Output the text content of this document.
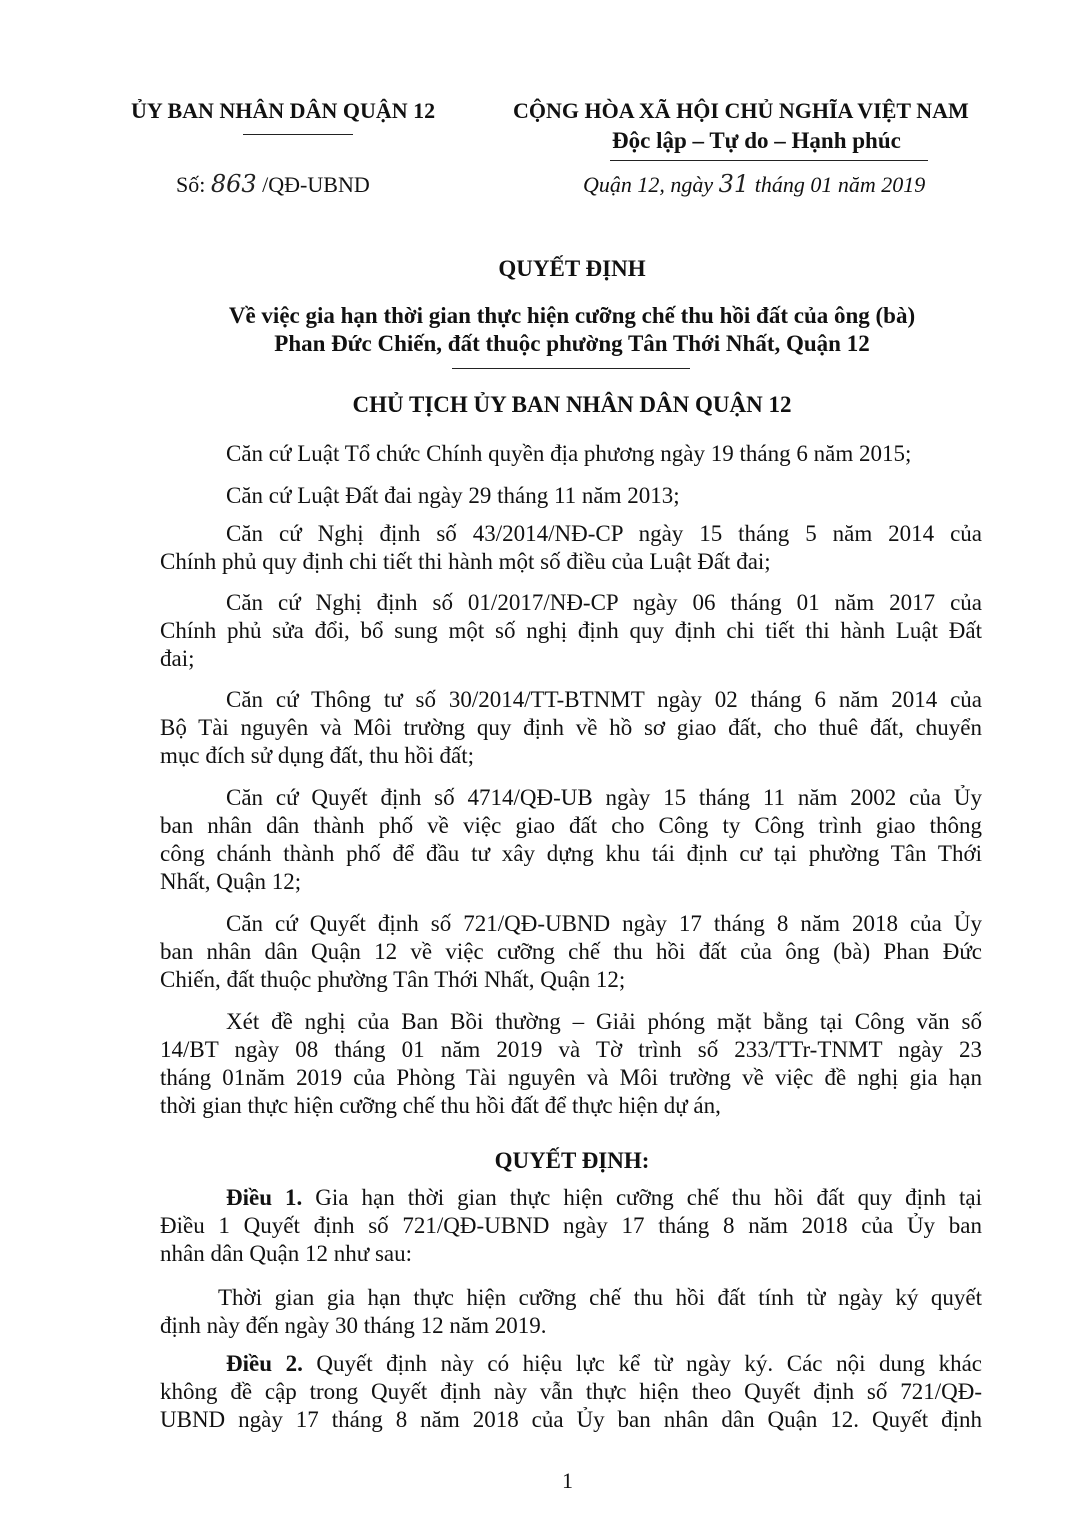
ỦY BAN NHÂN DÂN QUẬN 12	CỘNG HÒA XÃ HỘI CHỦ NGHĨA VIỆT NAM
Độc lập – Tự do – Hạnh phúc
Số: 863 /QĐ-UBND	Quận 12, ngày 31 tháng 01 năm 2019
QUYẾT ĐỊNH
Về việc gia hạn thời gian thực hiện cưỡng chế thu hồi đất của ông (bà)
Phan Đức Chiến, đất thuộc phường Tân Thới Nhất, Quận 12
CHỦ TỊCH ỦY BAN NHÂN DÂN QUẬN 12
Căn cứ Luật Tổ chức Chính quyền địa phương ngày 19 tháng 6 năm 2015;
Căn cứ Luật Đất đai ngày 29 tháng 11 năm 2013;
Căn cứ Nghị định số 43/2014/NĐ-CP ngày 15 tháng 5 năm 2014 của
Chính phủ quy định chi tiết thi hành một số điều của Luật Đất đai;
Căn cứ Nghị định số 01/2017/NĐ-CP ngày 06 tháng 01 năm 2017 của
Chính phủ sửa đổi, bổ sung một số nghị định quy định chi tiết thi hành Luật Đất
đai;
Căn cứ Thông tư số 30/2014/TT-BTNMT ngày 02 tháng 6 năm 2014 của
Bộ Tài nguyên và Môi trường quy định về hồ sơ giao đất, cho thuê đất, chuyển
mục đích sử dụng đất, thu hồi đất;
Căn cứ Quyết định số 4714/QĐ-UB ngày 15 tháng 11 năm 2002 của Ủy
ban nhân dân thành phố về việc giao đất cho Công ty Công trình giao thông
công chánh thành phố để đầu tư xây dựng khu tái định cư tại phường Tân Thới
Nhất, Quận 12;
Căn cứ Quyết định số 721/QĐ-UBND ngày 17 tháng 8 năm 2018 của Ủy
ban nhân dân Quận 12 về việc cưỡng chế thu hồi đất của ông (bà) Phan Đức
Chiến, đất thuộc phường Tân Thới Nhất, Quận 12;
Xét đề nghị của Ban Bồi thường – Giải phóng mặt bằng tại Công văn số
14/BT ngày 08 tháng 01 năm 2019 và Tờ trình số 233/TTr-TNMT ngày 23
tháng 01năm 2019 của Phòng Tài nguyên và Môi trường về việc đề nghị gia hạn
thời gian thực hiện cưỡng chế thu hồi đất để thực hiện dự án,
QUYẾT ĐỊNH:
Điều 1. Gia hạn thời gian thực hiện cưỡng chế thu hồi đất quy định tại
Điều 1 Quyết định số 721/QĐ-UBND ngày 17 tháng 8 năm 2018 của Ủy ban
nhân dân Quận 12 như sau:
Thời gian gia hạn thực hiện cưỡng chế thu hồi đất tính từ ngày ký quyết
định này đến ngày 30 tháng 12 năm 2019.
Điều 2. Quyết định này có hiệu lực kể từ ngày ký. Các nội dung khác
không đề cập trong Quyết định này vẫn thực hiện theo Quyết định số 721/QĐ-
UBND ngày 17 tháng 8 năm 2018 của Ủy ban nhân dân Quận 12. Quyết định
1
